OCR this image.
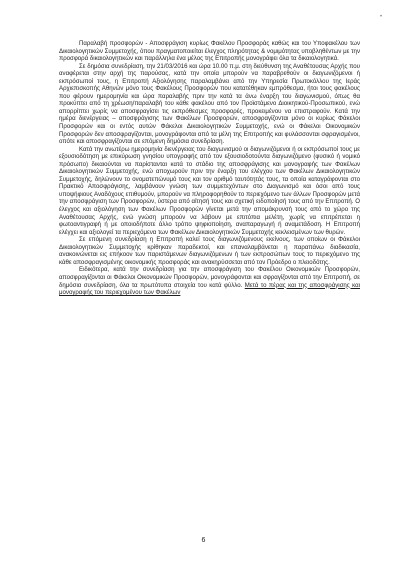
•

Παραλαβή προσφορών - Αποσφράγιση κυρίως Φακέλου Προσφοράς καθώς και του Υποφακέλου των Δικαιολογητικών Συμμετοχής, όπου πραγματοποιείται έλεγχος πληρότητας & νομιμότητας υποβληθέντων με την προσφορά δικαιολογητικών και παράλληλα ένα μέλος της Επιτροπής μονογράφει όλα τα δικαιολογητικά.

Σε δημόσια συνεδρίαση, την 21/03/2016 και ώρα 10.00 π.μ. στη διεύθυνση της Αναθέτουσας Αρχής που αναφέρεται στην αρχή της παρούσας, κατά την οποία μπορούν να παραβρεθούν οι διαγωνιζόμενοι ή εκπρόσωποί τους, η Επιτροπή Αξιολόγησης παραλαμβάνει από την Υπηρεσία Πρωτοκόλλου της Ιεράς Αρχιεπισκοπής Αθηνών μόνο τους Φακέλους Προσφορών που κατατέθηκαν εμπρόθεσμα, ήτοι τους φακέλους που φέρουν ημερομηνία και ώρα παραλαβής πριν την κατά τα άνω έναρξη του διαγωνισμού, όπως θα προκύπτει από τη χρέωση/παραλαβή του κάθε φακέλου από τον Προϊστάμενο Διοικητικού-Προσωπικού, ενώ απορρίπτει χωρίς να αποσφραγίσει τις εκπρόθεσμες προσφορές, προκειμένου να επιστραφούν. Κατά την ημέρα διενέργειας – αποσφράγισης των Φακέλων Προσφορών, αποσφραγίζονται μόνο οι κυρίως Φάκελοι Προσφορών και οι εντός αυτών Φάκελοι Δικαιολογητικών Συμμετοχής, ενώ οι Φάκελοι Οικονομικών Προσφορών δεν αποσφραγίζονται, μονογράφονται από τα μέλη της Επιτροπής και φυλάσσονται σφραγισμένοι, οπότε και αποσφραγίζονται σε επόμενη δημόσια συνεδρίαση.

Κατά την ανωτέρω ημερομηνία διενέργειας του διαγωνισμού οι διαγωνιζόμενοι ή οι εκπρόσωποί τους με εξουσιοδότηση με επικύρωση γνησίου υπογραφής από τον εξουσιοδοτούντα διαγωνιζόμενο (φυσικό ή νομικό πρόσωπο) δικαιούνται να παρίστανται κατά το στάδιο της αποσφράγισης και μονογραφής των Φακέλων Δικαιολογητικών Συμμετοχής, ενώ αποχωρούν πριν την έναρξη του ελέγχου των Φακέλων Δικαιολογητικών Συμμετοχής, δηλώνουν το ονοματεπώνυμό τους και τον αριθμό ταυτότητάς τους, τα οποία καταγράφονται στο Πρακτικό Αποσφράγισης, λαμβάνουν γνώση των συμμετεχόντων στο Διαγωνισμό και όσοι από τους υποψήφιους Αναδόχους επιθυμούν, μπορούν να πληροφορηθούν το περιεχόμενο των άλλων Προσφορών μετά την αποσφράγιση των Προσφορών, ύστερα από αίτησή τους και σχετική ειδοποίησή τους από την Επιτροπή. Ο έλεγχος και αξιολόγηση των Φακέλων Προσφορών γίνεται μετά την απομάκρυνσή τους από το χώρο της Αναθέτουσας Αρχής, ενώ γνώση μπορούν να λάβουν με επιτόπια μελέτη, χωρίς να επιτρέπεται η φωτοαντιγραφή ή με οποιοδήποτε άλλο τρόπο ψηφιοποίηση, αναπαραγωγή ή αναμετάδοση. Η Επιτροπή ελέγχει και αξιολογεί τα περιεχόμενα των Φακέλων Δικαιολογητικών Συμμετοχής κεκλεισμένων των θυρών.

Σε επόμενη συνεδρίαση η Επιτροπή καλεί τους διαγωνιζόμενους εκείνους, των οποίων οι Φάκελοι Δικαιολογητικών Συμμετοχής κρίθηκαν παραδεκτοί, και επαναλαμβάνεται η παραπάνω διαδικασία, ανακοινώνεται εις επήκοον των παριστάμενων διαγωνιζόμενων ή των εκπροσώπων τους το περιεχόμενο της κάθε αποσφραγισμένης οικονομικής προσφοράς και ανακηρύσσεται από τον Πρόεδρο ο πλειοδότης.

Ειδικότερα, κατά την συνεδρίαση για την αποσφράγιση του Φακέλου Οικονομικών Προσφορών, αποσφραγίζονται οι Φάκελοι Οικονομικών Προσφορών, μονογράφονται και σφραγίζονται από την Επιτροπή, σε δημόσια συνεδρίαση, όλα τα πρωτότυπα στοιχεία του κατά φύλλο. Μετά το πέρας και της αποσφράγισης και μονογραφής του περιεχομένου των Φακέλων

6
